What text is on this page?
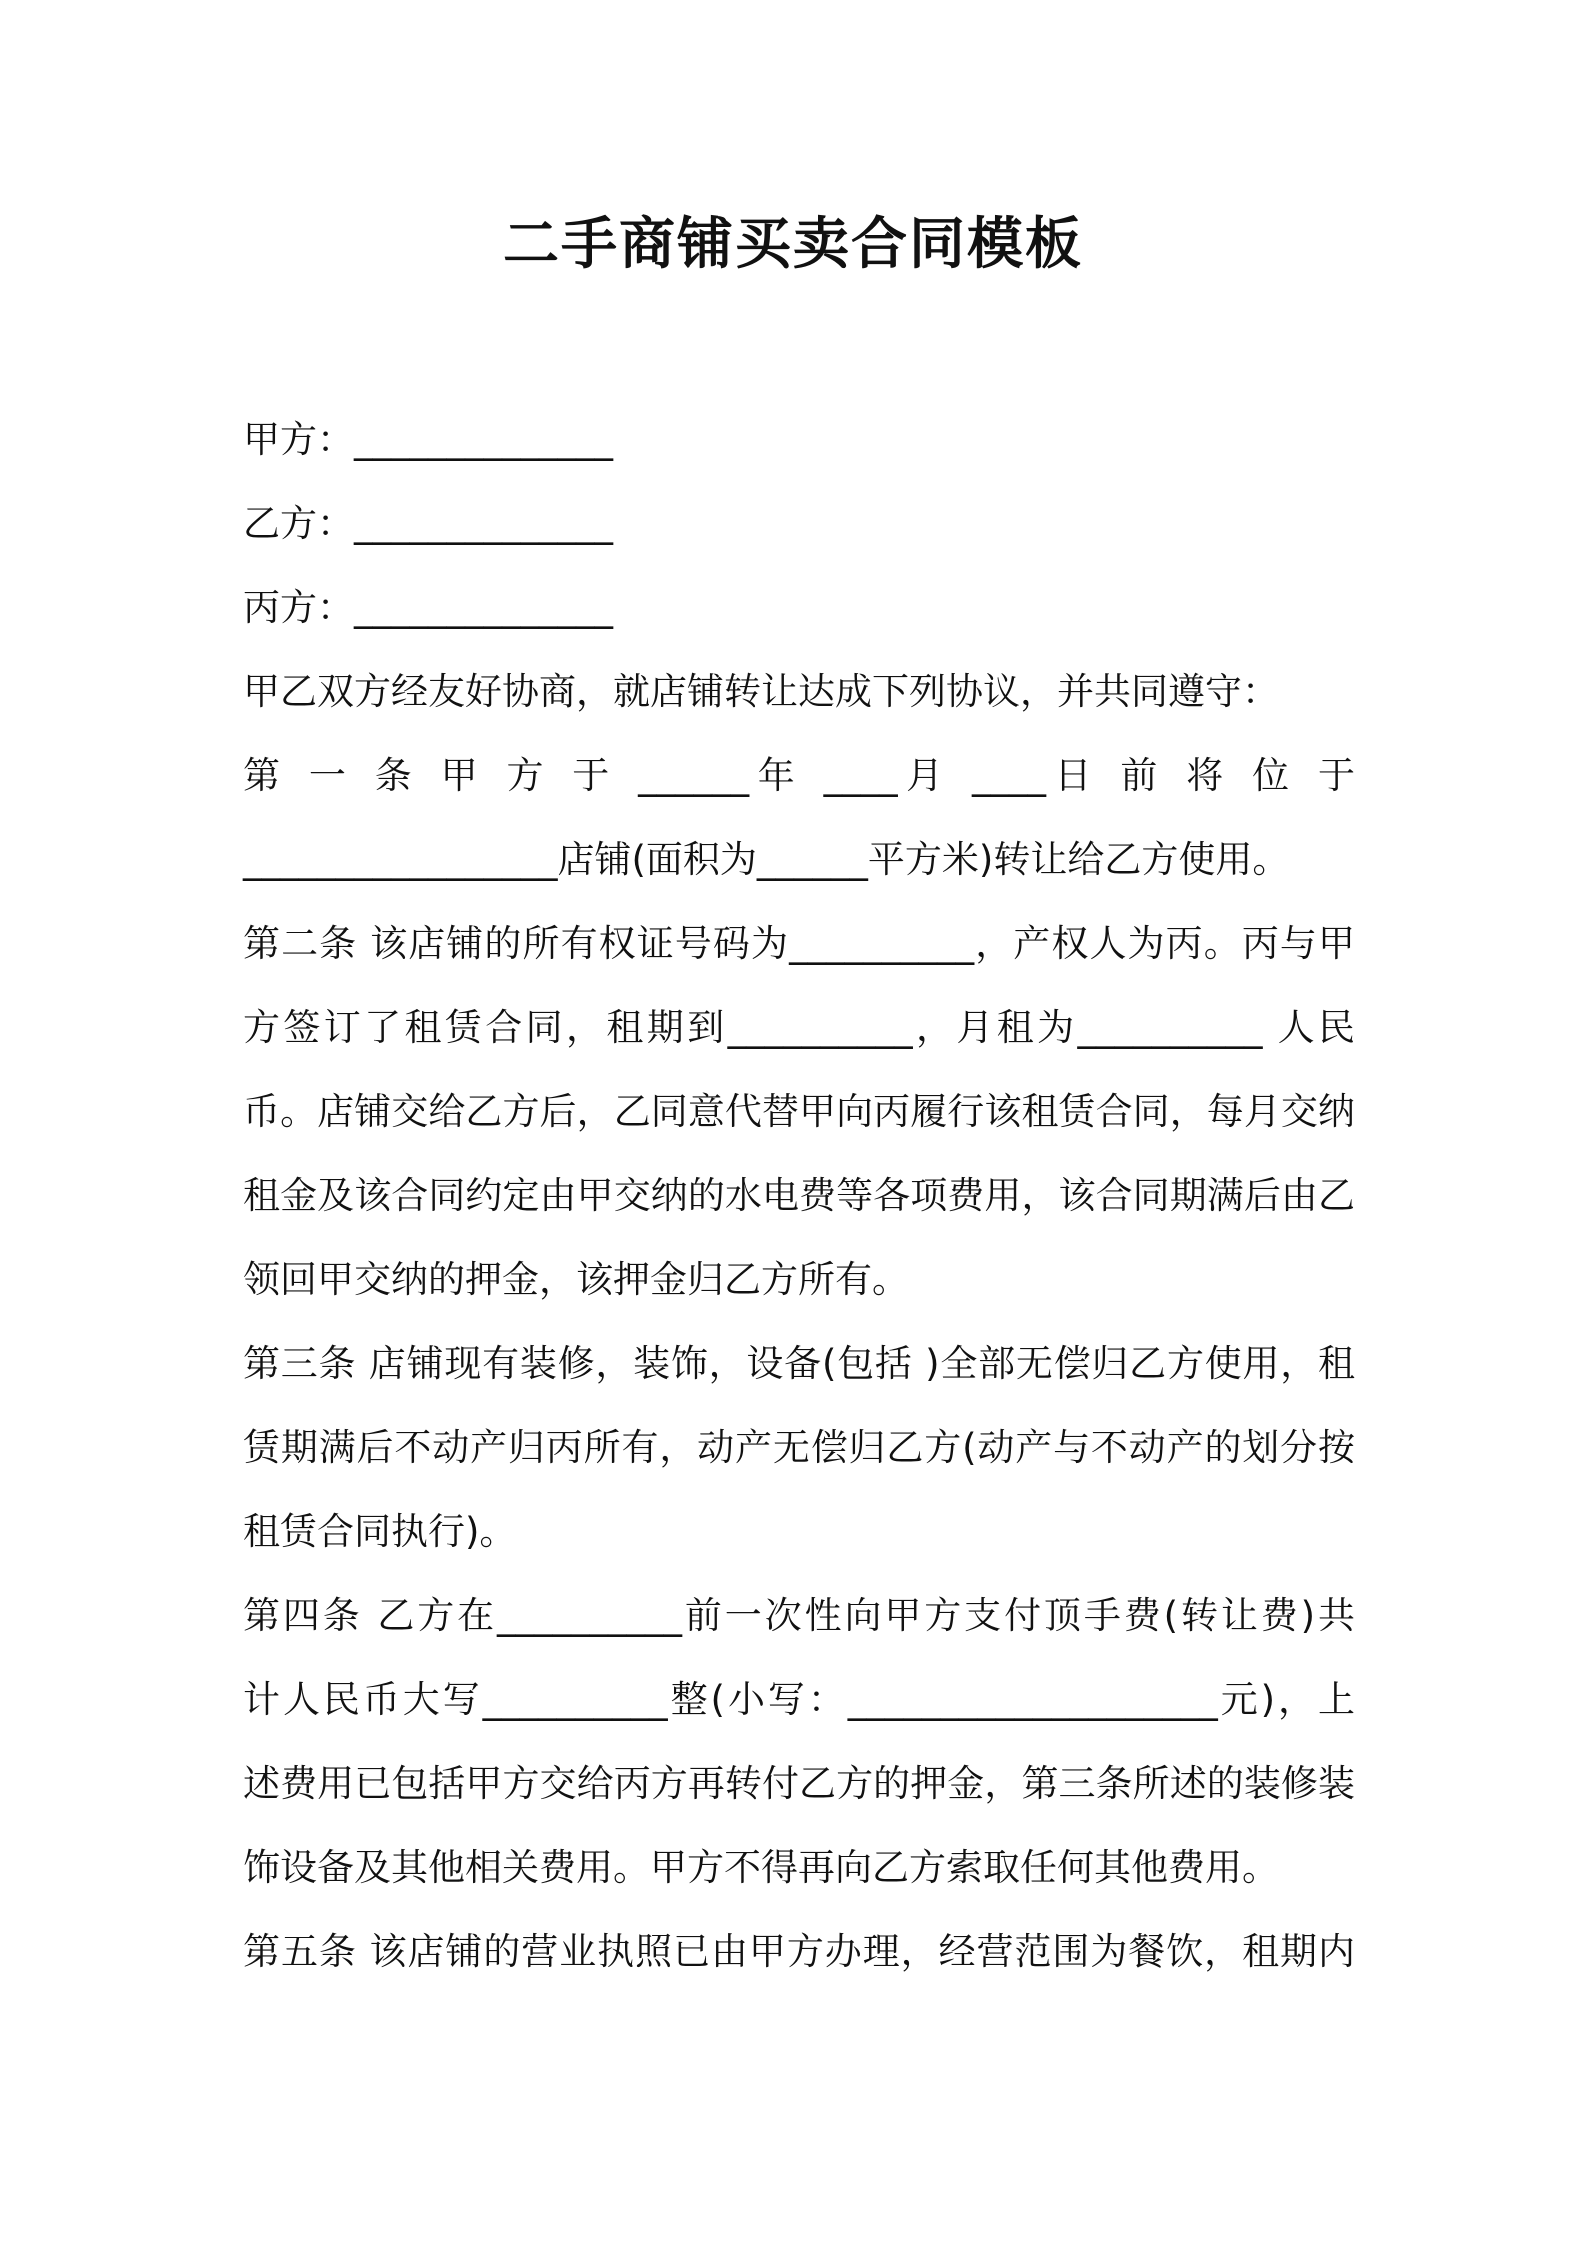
二手商铺买卖合同模板
甲方：______________
乙方：______________
丙方：______________
甲乙双方经友好协商，就店铺转让达成下列协议，并共同遵守：
第 一 条 甲 方 于 ______年 ____月 ____日 前 将 位 于
_________________店铺(面积为______平方米)转让给乙方使用。
第二条 该店铺的所有权证号码为__________，产权人为丙。丙与甲
方签订了租赁合同，租期到__________，月租为__________ 人民
币。店铺交给乙方后，乙同意代替甲向丙履行该租赁合同，每月交纳
租金及该合同约定由甲交纳的水电费等各项费用，该合同期满后由乙
领回甲交纳的押金，该押金归乙方所有。
第三条 店铺现有装修，装饰，设备(包括 )全部无偿归乙方使用，租
赁期满后不动产归丙所有，动产无偿归乙方(动产与不动产的划分按
租赁合同执行)。
第四条 乙方在__________前一次性向甲方支付顶手费(转让费)共
计人民币大写__________整(小写：____________________元)，上
述费用已包括甲方交给丙方再转付乙方的押金，第三条所述的装修装
饰设备及其他相关费用。甲方不得再向乙方索取任何其他费用。
第五条 该店铺的营业执照已由甲方办理，经营范围为餐饮，租期内
